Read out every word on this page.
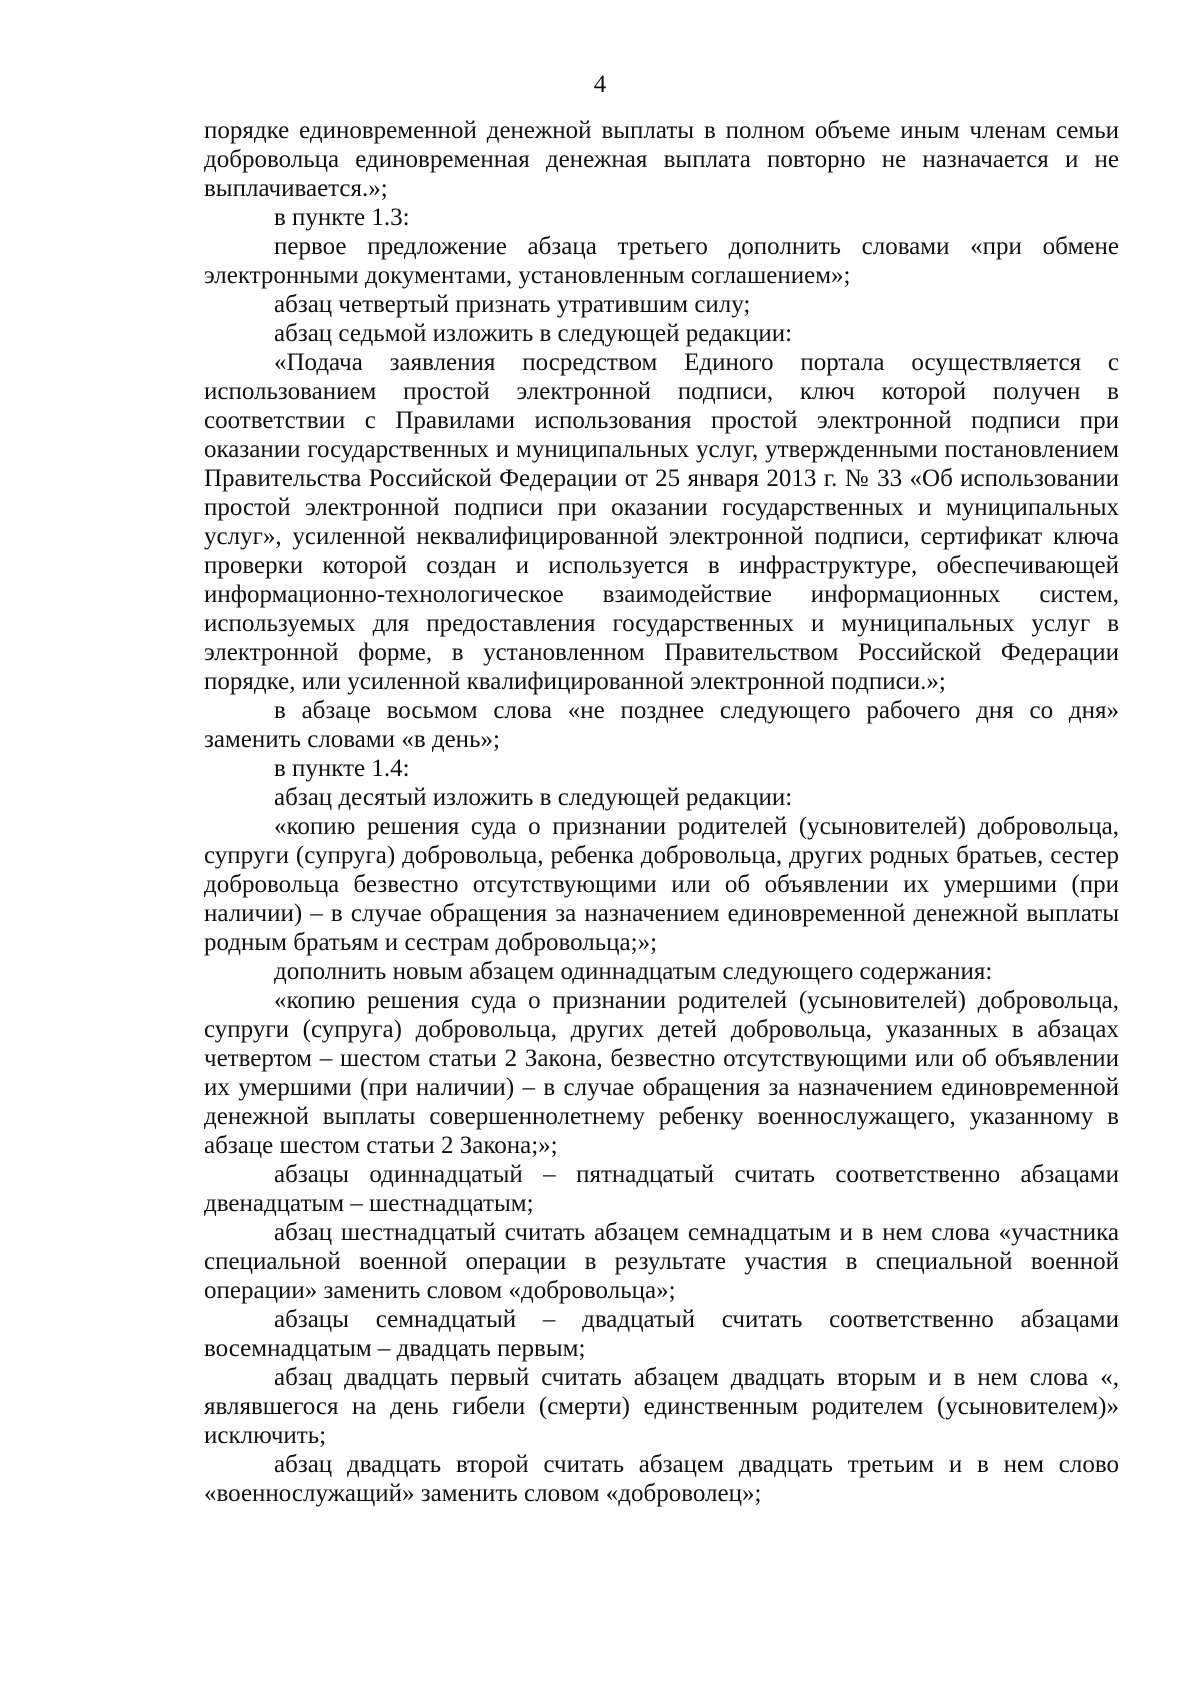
4

порядке единовременной денежной выплаты в полном объеме иным членам семьи добровольца единовременная денежная выплата повторно не назначается и не выплачивается.»;

в пункте 1.3:

первое предложение абзаца третьего дополнить словами «при обмене электронными документами, установленным соглашением»;

абзац четвертый признать утратившим силу;

абзац седьмой изложить в следующей редакции:

«Подача заявления посредством Единого портала осуществляется с использованием простой электронной подписи, ключ которой получен в соответствии с Правилами использования простой электронной подписи при оказании государственных и муниципальных услуг, утвержденными постановлением Правительства Российской Федерации от 25 января 2013 г. № 33 «Об использовании простой электронной подписи при оказании государственных и муниципальных услуг», усиленной неквалифицированной электронной подписи, сертификат ключа проверки которой создан и используется в инфраструктуре, обеспечивающей информационно-технологическое взаимодействие информационных систем, используемых для предоставления государственных и муниципальных услуг в электронной форме, в установленном Правительством Российской Федерации порядке, или усиленной квалифицированной электронной подписи.»;

в абзаце восьмом слова «не позднее следующего рабочего дня со дня» заменить словами «в день»;

в пункте 1.4:

абзац десятый изложить в следующей редакции:

«копию решения суда о признании родителей (усыновителей) добровольца, супруги (супруга) добровольца, ребенка добровольца, других родных братьев, сестер добровольца безвестно отсутствующими или об объявлении их умершими (при наличии) – в случае обращения за назначением единовременной денежной выплаты родным братьям и сестрам добровольца;»;

дополнить новым абзацем одиннадцатым следующего содержания:

«копию решения суда о признании родителей (усыновителей) добровольца, супруги (супруга) добровольца, других детей добровольца, указанных в абзацах четвертом – шестом статьи 2 Закона, безвестно отсутствующими или об объявлении их умершими (при наличии) – в случае обращения за назначением единовременной денежной выплаты совершеннолетнему ребенку военнослужащего, указанному в абзаце шестом статьи 2 Закона;»;

абзацы одиннадцатый – пятнадцатый считать соответственно абзацами двенадцатым – шестнадцатым;

абзац шестнадцатый считать абзацем семнадцатым и в нем слова «участника специальной военной операции в результате участия в специальной военной операции» заменить словом «добровольца»;

абзацы семнадцатый – двадцатый считать соответственно абзацами восемнадцатым – двадцать первым;

абзац двадцать первый считать абзацем двадцать вторым и в нем слова «, являвшегося на день гибели (смерти) единственным родителем (усыновителем)» исключить;

абзац двадцать второй считать абзацем двадцать третьим и в нем слово «военнослужащий» заменить словом «доброволец»;
